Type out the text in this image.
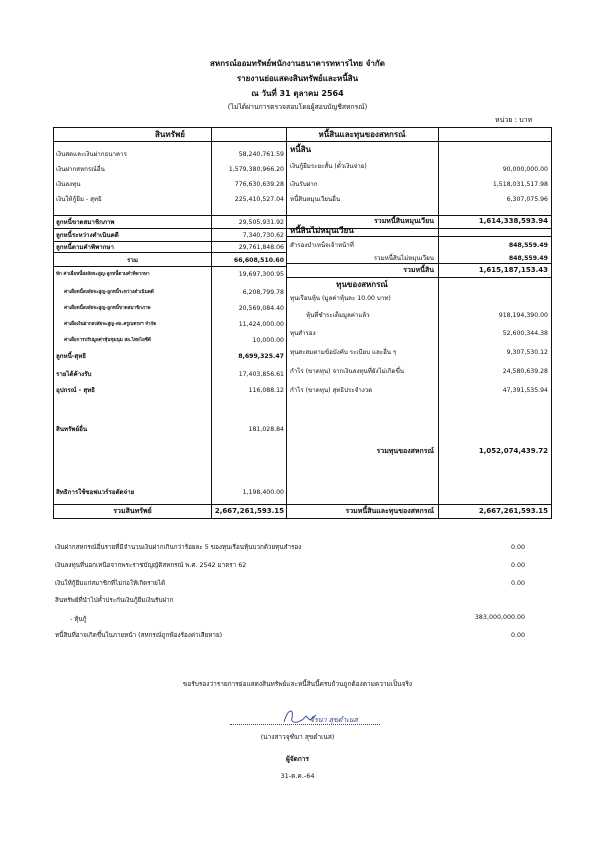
สหกรณ์ออมทรัพย์พนักงานธนาคารทหารไทย จำกัด
รายงานย่อแสดงสินทรัพย์และหนี้สิน
ณ วันที่ 31 ตุลาคม 2564
(ไม่ได้ผ่านการตรวจสอบโดยผู้สอบบัญชีสหกรณ์)
หน่วย : บาท
สินทรัพย์	หนี้สินและทุนของสหกรณ์
เงินสดและเงินฝากธนาคาร	58,240,761.59
เงินฝากสหกรณ์อื่น	1,579,380,966.20
เงินลงทุน	776,630,639.28
เงินให้กู้ยืม - สุทธิ	225,410,527.04
ลูกหนี้ขาดสมาชิกภาพ	29,505,931.92
ลูกหนี้ระหว่างดำเนินคดี	7,340,730.62
ลูกหนี้ตามคำพิพากษา	29,761,848.06
รวม	66,608,510.60
หัก ค่าเผื่อหนี้สงสัยจะสูญ-ลูกหนี้ตามคำพิพากษา	19,697,300.95
ค่าเผื่อหนี้สงสัยจะสูญ-ลูกหนี้ระหว่างดำเนินคดี	6,208,799.78
ค่าเผื่อหนี้สงสัยจะสูญ-ลูกหนี้ขาดสมาชิกภาพ	20,569,084.40
ค่าเผื่อเงินฝากสงสัยจะสูญ-สอ.ครูเบตรงฯ จำกัด	11,424,000.00
ค่าเผื่อการปรับมูลค่าหุ้นชุมนุม สอ.ไทยไอซีดี	10,000.00
ลูกหนี้-สุทธิ	8,699,325.47
รายได้ค้างรับ	17,403,856.61
อุปกรณ์ - สุทธิ	116,088.12
สินทรัพย์อื่น	181,028.84
สิทธิการใช้ซอฟแวร์รอตัดจ่าย	1,198,400.00
รวมสินทรัพย์	2,667,261,593.15
หนี้สิน
เงินกู้ยืมระยะสั้น (ตั๋วเงินจ่าย)	90,000,000.00
เงินรับฝาก	1,518,031,517.98
หนี้สินหมุนเวียนอื่น	6,307,075.96
รวมหนี้สินหมุนเวียน	1,614,338,593.94
หนี้สินไม่หมุนเวียน
สำรองบำเหน็จเจ้าหน้าที่	848,559.49
รวมหนี้สินไม่หมุนเวียน	848,559.49
รวมหนี้สิน	1,615,187,153.43
ทุนของสหกรณ์
ทุนเรือนหุ้น (มูลค่าหุ้นละ 10.00 บาท)
หุ้นที่ชำระเต็มมูลค่าแล้ว	918,194,390.00
ทุนสำรอง	52,600,344.38
ทุนสะสมตามข้อบังคับ ระเบียบ และอื่น ๆ	9,307,530.12
กำไร (ขาดทุน) จากเงินลงทุนที่ยังไม่เกิดขึ้น	24,580,639.28
กำไร (ขาดทุน) สุทธิประจำงวด	47,391,535.94
รวมทุนของสหกรณ์	1,052,074,439.72
รวมหนี้สินและทุนของสหกรณ์	2,667,261,593.15
เงินฝากสหกรณ์อื่นรายที่มีจำนวนเงินฝากเกินกว่าร้อยละ 5 ของทุนเรือนหุ้นบวกด้วยทุนสำรอง	0.00
เงินลงทุนที่นอกเหนือจากพระราชบัญญัติสหกรณ์ พ.ศ. 2542 มาตรา 62	0.00
เงินให้กู้ยืมแก่สมาชิกที่ไม่ก่อให้เกิดรายได้	0.00
สินทรัพย์ที่นำไปค้ำประกันเงินกู้ยืมเงินรับฝาก
- หุ้นกู้	383,000,000.00
หนี้สินที่อาจเกิดขึ้นในภายหน้า (สหกรณ์ถูกฟ้องร้องค่าเสียหาย)	0.00
ขอรับรองว่ารายการย่อแสดงสินทรัพย์และหนี้สินนี้ครบถ้วนถูกต้องตามความเป็นจริง
จีรนา สุขดำเนส
(นางสาวจุฑิมา สุขดำเนส)
ผู้จัดการ
31-ต.ค.-64
